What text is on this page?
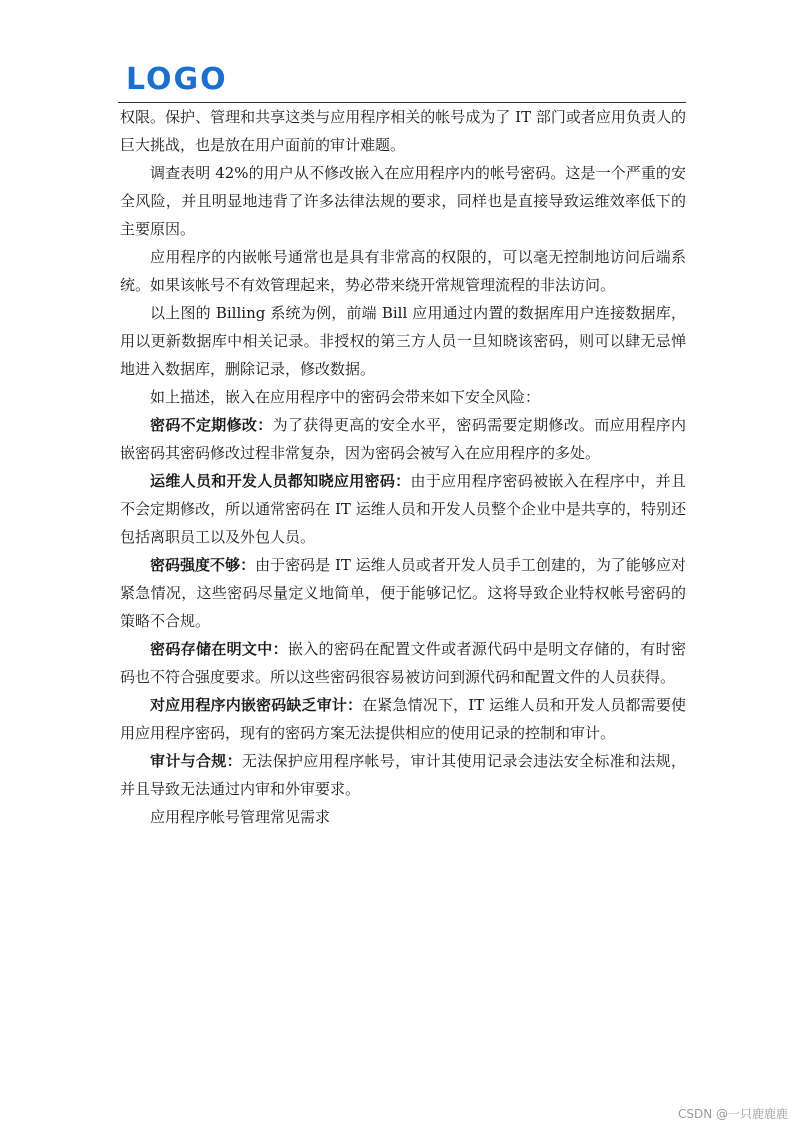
LOGO

权限。保护、管理和共享这类与应用程序相关的帐号成为了 IT 部门或者应用负责人的巨大挑战，也是放在用户面前的审计难题。

调查表明 42%的用户从不修改嵌入在应用程序内的帐号密码。这是一个严重的安全风险，并且明显地违背了许多法律法规的要求，同样也是直接导致运维效率低下的主要原因。

应用程序的内嵌帐号通常也是具有非常高的权限的，可以毫无控制地访问后端系统。如果该帐号不有效管理起来，势必带来绕开常规管理流程的非法访问。

以上图的 Billing 系统为例，前端 Bill 应用通过内置的数据库用户连接数据库，用以更新数据库中相关记录。非授权的第三方人员一旦知晓该密码，则可以肆无忌惮地进入数据库，删除记录，修改数据。

如上描述，嵌入在应用程序中的密码会带来如下安全风险：

密码不定期修改：为了获得更高的安全水平，密码需要定期修改。而应用程序内嵌密码其密码修改过程非常复杂，因为密码会被写入在应用程序的多处。

运维人员和开发人员都知晓应用密码：由于应用程序密码被嵌入在程序中，并且不会定期修改，所以通常密码在 IT 运维人员和开发人员整个企业中是共享的，特别还包括离职员工以及外包人员。

密码强度不够：由于密码是 IT 运维人员或者开发人员手工创建的，为了能够应对紧急情况，这些密码尽量定义地简单，便于能够记忆。这将导致企业特权帐号密码的策略不合规。

密码存储在明文中：嵌入的密码在配置文件或者源代码中是明文存储的，有时密码也不符合强度要求。所以这些密码很容易被访问到源代码和配置文件的人员获得。

对应用程序内嵌密码缺乏审计：在紧急情况下，IT 运维人员和开发人员都需要使用应用程序密码，现有的密码方案无法提供相应的使用记录的控制和审计。

审计与合规：无法保护应用程序帐号，审计其使用记录会违法安全标准和法规，并且导致无法通过内审和外审要求。

应用程序帐号管理常见需求

CSDN @一只鹿鹿鹿
